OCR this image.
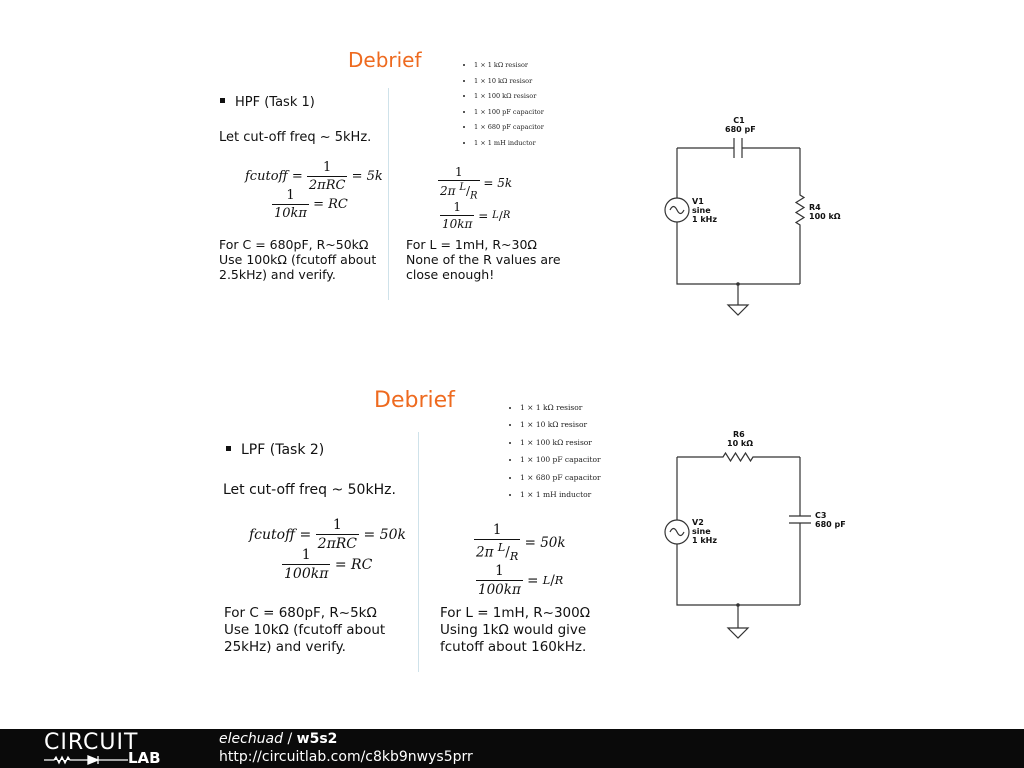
Debrief
HPF (Task 1)
Let cut-off freq ~ 5kHz.
fcutoff = $\frac{1}{\text{2πRC}} = 5k$
$\frac{1}{10k\pi}$ = RC
For C = 680pF, R~50kΩ
Use 100kΩ (fcutoff about
2.5kHz) and verify.
• 1 × 1 kΩ resisor
• 1 × 10 kΩ resisor
• 1 × 100 kΩ resisor
• 1 × 100 pF capacitor
• 1 × 680 pF capacitor
• 1 × 1 mH inductor
$\frac{1}{2\pi ^L/_R} = 5k$
$\frac{1}{10k\pi} = L / R$
For L = 1mH, R~30Ω
None of the R values are
close enough!
C1
680 pF
V1
sine
1 kHz
R4
100 kΩ
Debrief
LPF (Task 2)
Let cut-off freq ~ 50kHz.
fcutoff = $\frac{1}{\text{2πRC}} = 50k$
$\frac{1}{100k\pi}$ = RC
For C = 680pF, R~5kΩ
Use 10kΩ (fcutoff about
25kHz) and verify.
• 1 × 1 kΩ resisor
• 1 × 10 kΩ resisor
• 1 × 100 kΩ resisor
• 1 × 100 pF capacitor
• 1 × 680 pF capacitor
• 1 × 1 mH inductor
$\frac{1}{2\pi ^L/_R} = 50k$
$\frac{1}{100k\pi} = L / R$
For L = 1mH, R~300Ω
Using 1kΩ would give
fcutoff about 160kHz.
R6
10 kΩ
V2
sine
1 kHz
C3
680 pF
CIRCUIT
LAB
elechuad / w5s2
http://circuitlab.com/c8kb9nwys5prr
